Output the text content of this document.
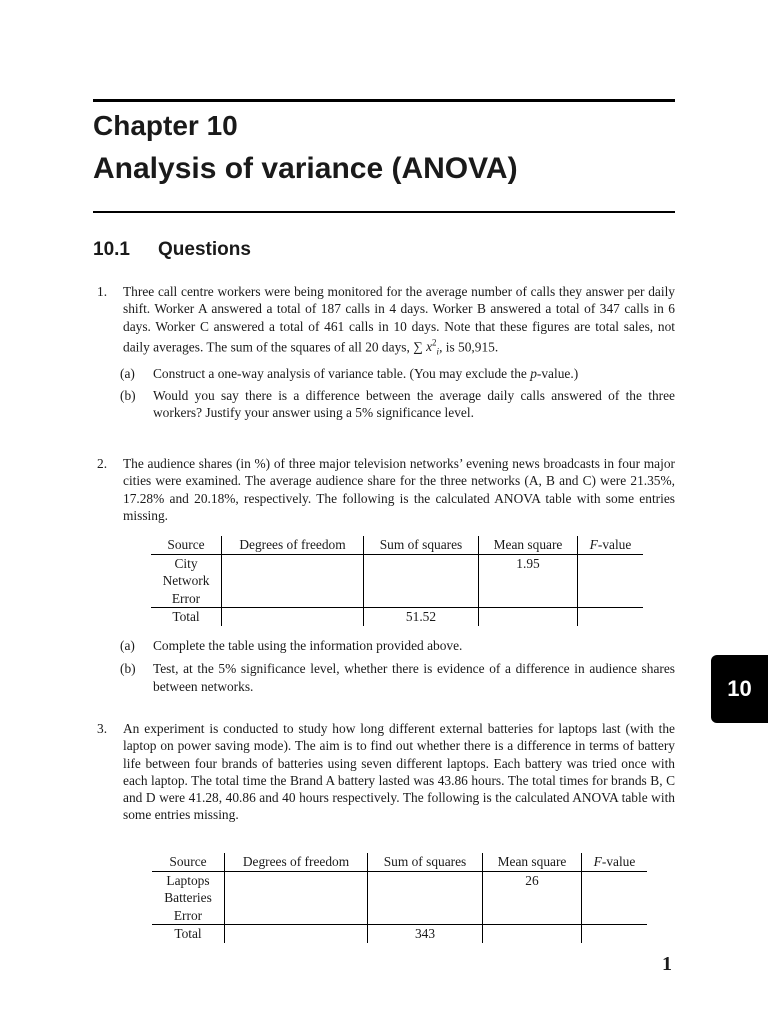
Chapter 10
Analysis of variance (ANOVA)
10.1 Questions
1. Three call centre workers were being monitored for the average number of calls they answer per daily shift. Worker A answered a total of 187 calls in 4 days. Worker B answered a total of 347 calls in 6 days. Worker C answered a total of 461 calls in 10 days. Note that these figures are total sales, not daily averages. The sum of the squares of all 20 days, ∑ $x^2_i$, is 50,915.
(a) Construct a one-way analysis of variance table. (You may exclude the p-value.)
(b) Would you say there is a difference between the average daily calls answered of the three workers? Justify your answer using a 5% significance level.
2. The audience shares (in %) of three major television networks’ evening news broadcasts in four major cities were examined. The average audience share for the three networks (A, B and C) were 21.35%, 17.28% and 20.18%, respectively. The following is the calculated ANOVA table with some entries missing.
Source	Degrees of freedom	Sum of squares	Mean square	F-value
City			1.95	
Network				
Error				
Total		51.52		
(a) Complete the table using the information provided above.
(b) Test, at the 5% significance level, whether there is evidence of a difference in audience shares between networks.
3. An experiment is conducted to study how long different external batteries for laptops last (with the laptop on power saving mode). The aim is to find out whether there is a difference in terms of battery life between four brands of batteries using seven different laptops. Each battery was tried once with each laptop. The total time the Brand A battery lasted was 43.86 hours. The total times for brands B, C and D were 41.28, 40.86 and 40 hours respectively. The following is the calculated ANOVA table with some entries missing.
Source	Degrees of freedom	Sum of squares	Mean square	F-value
Laptops			26	
Batteries				
Error				
Total		343		
10
1
